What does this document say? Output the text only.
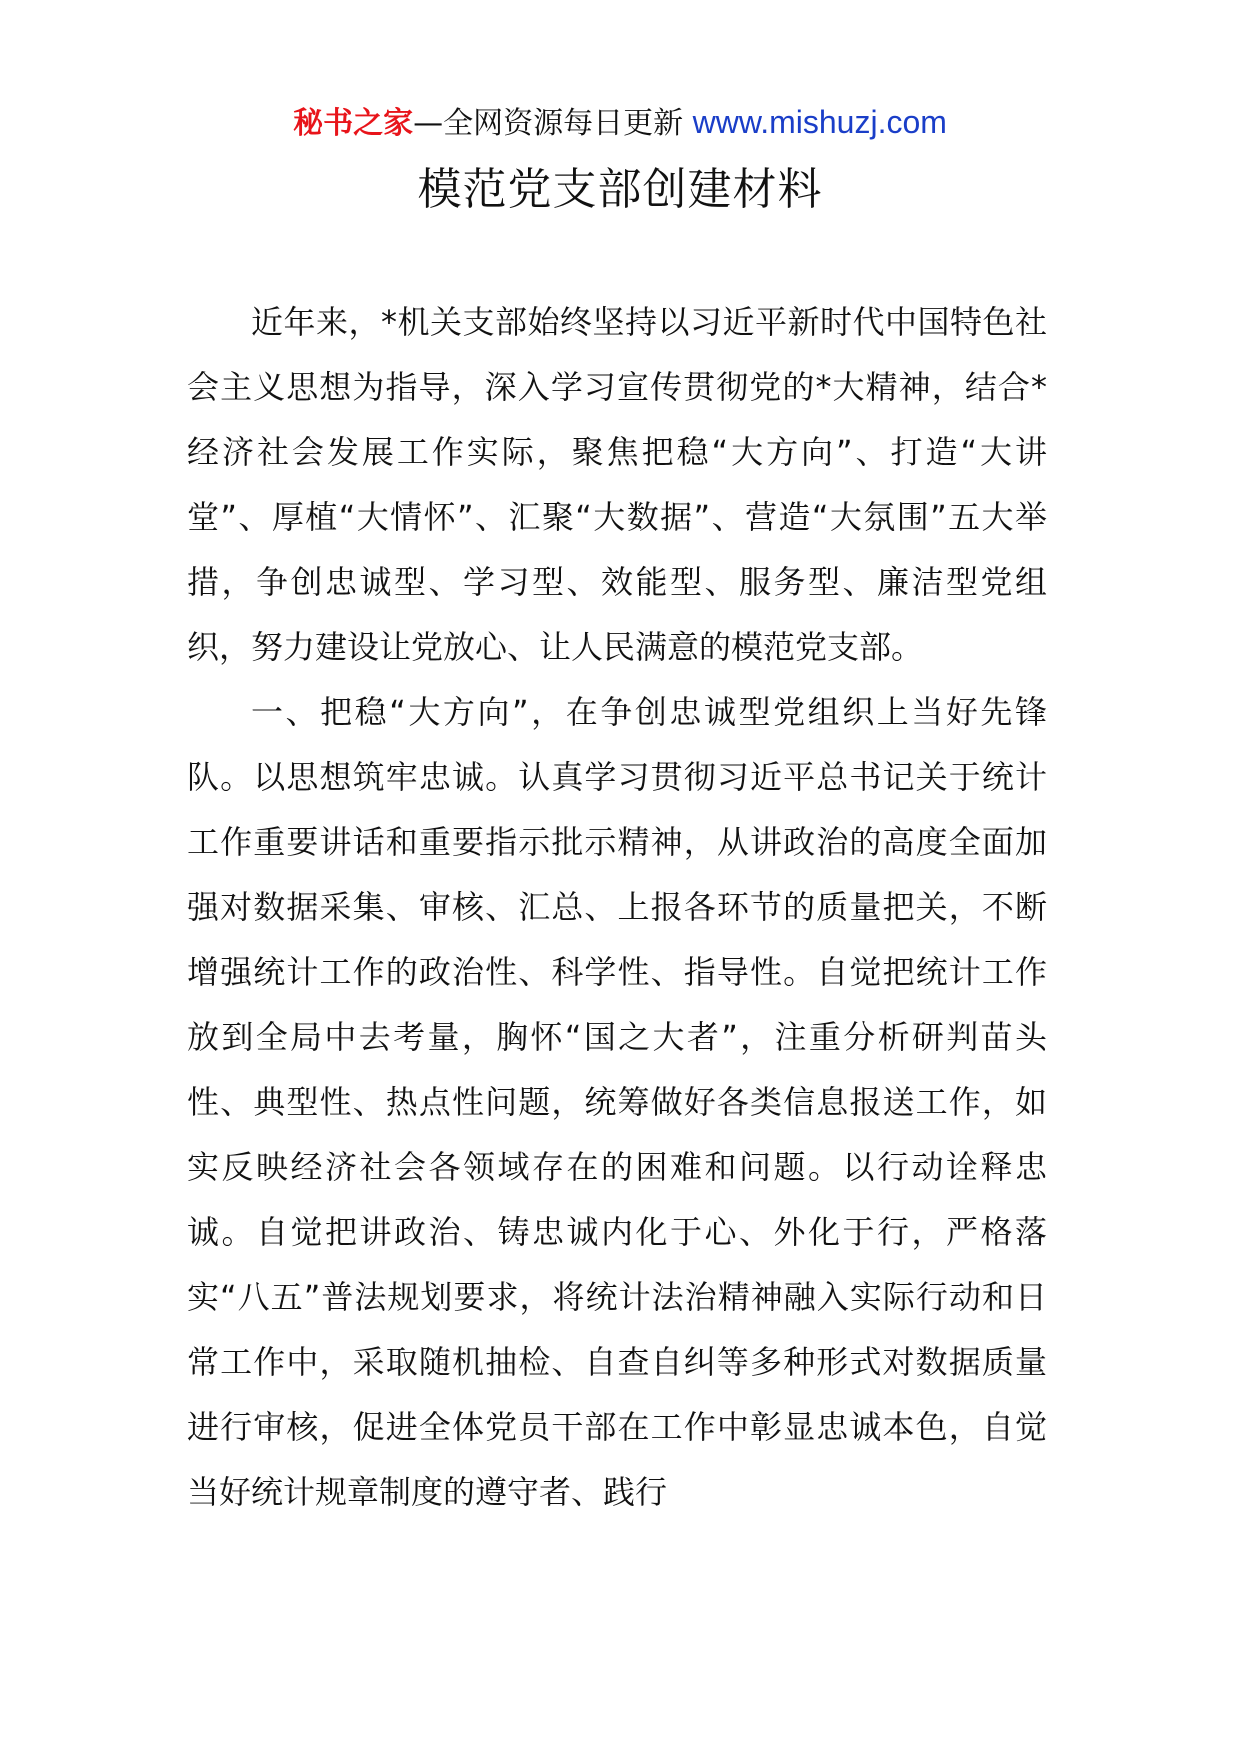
秘书之家—全网资源每日更新 www.mishuzj.com
模范党支部创建材料

近年来，*机关支部始终坚持以习近平新时代中国特色社会主义思想为指导，深入学习宣传贯彻党的*大精神，结合*经济社会发展工作实际，聚焦把稳“大方向”、打造“大讲堂”、厚植“大情怀”、汇聚“大数据”、营造“大氛围”五大举措，争创忠诚型、学习型、效能型、服务型、廉洁型党组织，努力建设让党放心、让人民满意的模范党支部。

一、把稳“大方向”，在争创忠诚型党组织上当好先锋队。以思想筑牢忠诚。认真学习贯彻习近平总书记关于统计工作重要讲话和重要指示批示精神，从讲政治的高度全面加强对数据采集、审核、汇总、上报各环节的质量把关，不断增强统计工作的政治性、科学性、指导性。自觉把统计工作放到全局中去考量，胸怀“国之大者”，注重分析研判苗头性、典型性、热点性问题，统筹做好各类信息报送工作，如实反映经济社会各领域存在的困难和问题。以行动诠释忠诚。自觉把讲政治、铸忠诚内化于心、外化于行，严格落实“八五”普法规划要求，将统计法治精神融入实际行动和日常工作中，采取随机抽检、自查自纠等多种形式对数据质量进行审核，促进全体党员干部在工作中彰显忠诚本色，自觉当好统计规章制度的遵守者、践行
